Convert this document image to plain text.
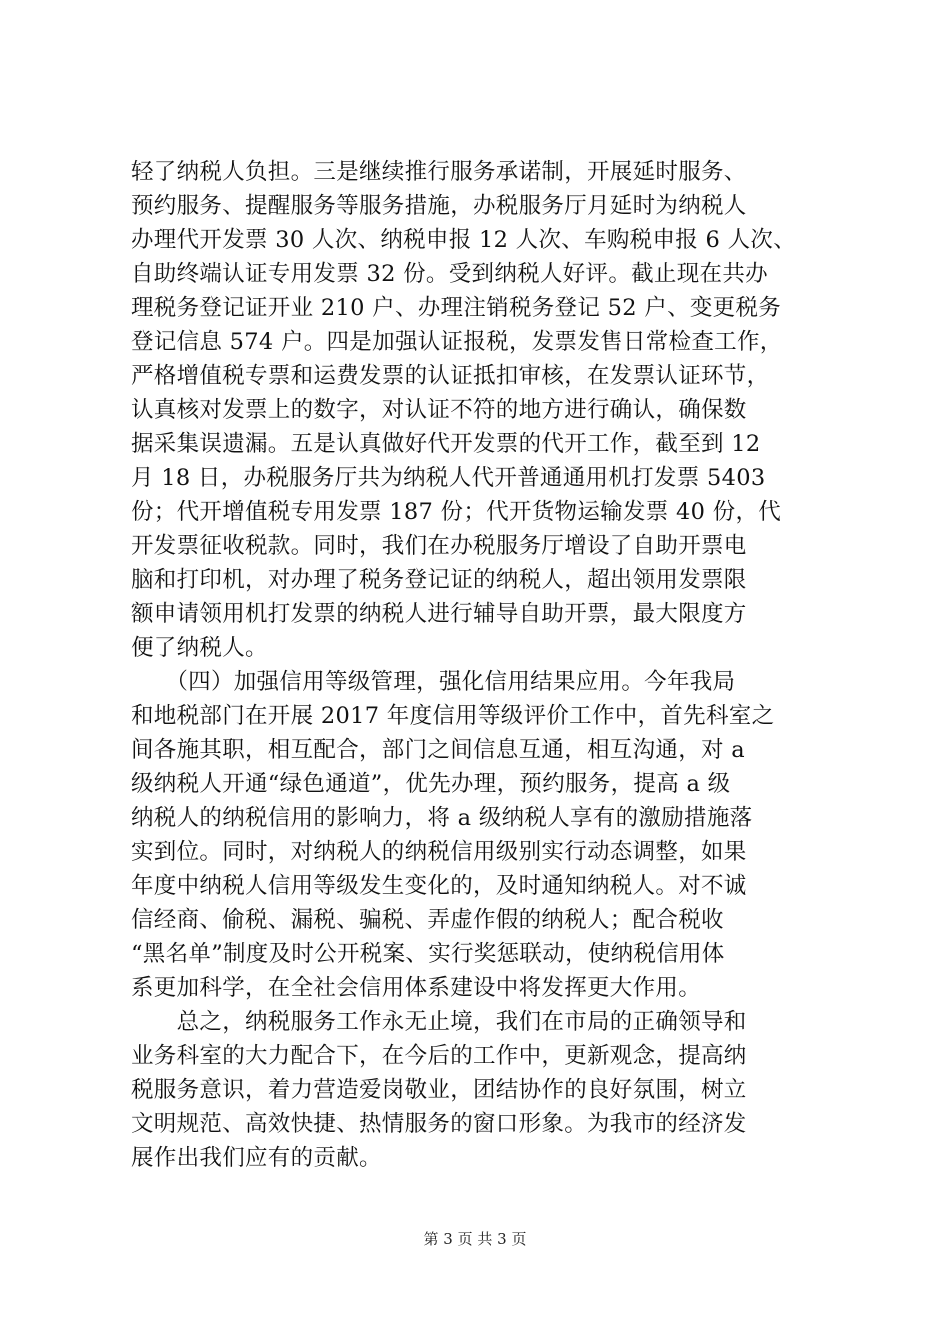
轻了纳税人负担。三是继续推行服务承诺制，开展延时服务、
预约服务、提醒服务等服务措施，办税服务厅月延时为纳税人
办理代开发票 30 人次、纳税申报 12 人次、车购税申报 6 人次、
自助终端认证专用发票 32 份。受到纳税人好评。截止现在共办
理税务登记证开业 210 户、办理注销税务登记 52 户、变更税务
登记信息 574 户。四是加强认证报税，发票发售日常检查工作，
严格增值税专票和运费发票的认证抵扣审核，在发票认证环节，
认真核对发票上的数字，对认证不符的地方进行确认，确保数
据采集误遗漏。五是认真做好代开发票的代开工作，截至到 12
月 18 日，办税服务厅共为纳税人代开普通通用机打发票 5403
份；代开增值税专用发票 187 份；代开货物运输发票 40 份，代
开发票征收税款。同时，我们在办税服务厅增设了自助开票电
脑和打印机，对办理了税务登记证的纳税人，超出领用发票限
额申请领用机打发票的纳税人进行辅导自助开票，最大限度方
便了纳税人。
　　（四）加强信用等级管理，强化信用结果应用。今年我局
和地税部门在开展 2017 年度信用等级评价工作中，首先科室之
间各施其职，相互配合，部门之间信息互通，相互沟通，对 a
级纳税人开通“绿色通道”，优先办理，预约服务，提高 a 级
纳税人的纳税信用的影响力，将 a 级纳税人享有的激励措施落
实到位。同时，对纳税人的纳税信用级别实行动态调整，如果
年度中纳税人信用等级发生变化的，及时通知纳税人。对不诚
信经商、偷税、漏税、骗税、弄虚作假的纳税人；配合税收
“黑名单”制度及时公开税案、实行奖惩联动，使纳税信用体
系更加科学，在全社会信用体系建设中将发挥更大作用。
　　总之，纳税服务工作永无止境，我们在市局的正确领导和
业务科室的大力配合下，在今后的工作中，更新观念，提高纳
税服务意识，着力营造爱岗敬业，团结协作的良好氛围，树立
文明规范、高效快捷、热情服务的窗口形象。为我市的经济发
展作出我们应有的贡献。
第 3 页 共 3 页
